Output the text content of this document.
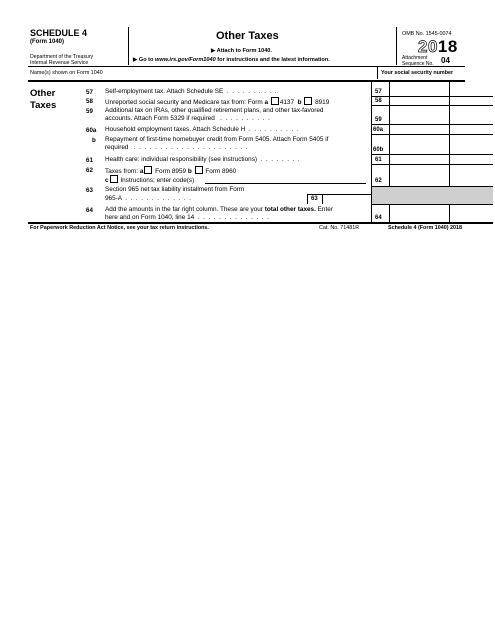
SCHEDULE 4
(Form 1040)
Department of the Treasury
Internal Revenue Service
Other Taxes
▶ Attach to Form 1040.
▶ Go to www.irs.gov/Form1040 for instructions and the latest information.
OMB No. 1545-0074
2018
Attachment
Sequence No. 04
Name(s) shown on Form 1040	Your social security number
Other
Taxes
57 Self-employment tax. Attach Schedule SE  .  .  .  .  .  .  .  .  .  .	57
58 Unreported social security and Medicare tax from: Form a 4137 b 8919	58
59 Additional tax on IRAs, other qualified retirement plans, and other tax-favored
accounts. Attach Form 5329 if required   .  .  .  .  .  .  .  .  .  .	59
60a Household employment taxes. Attach Schedule H  .  .  .  .  .  .  .  .  .  .	60a
b Repayment of first-time homebuyer credit from Form 5405. Attach Form 5405 if
required   .  .  .  .  .  .  .  .  .  .  .  .  .  .  .  .  .  .  .  .  .  .	60b
61 Health care: individual responsibility (see instructions)  .  .  .  .  .  .  .  .	61
62 Taxes from: a Form 8959 b Form 8960
c Instructions; enter code(s)	62
63 Section 965 net tax liability installment from Form
965-A  .  .  .  .  .  .  .  .  .  .  .  .  .	63
64 Add the amounts in the far right column. These are your total other taxes. Enter
here and on Form 1040, line 14  .  .  .  .  .  .  .  .  .  .  .  .  .  .	64
For Paperwork Reduction Act Notice, see your tax return instructions.	Cat. No. 71481R	Schedule 4 (Form 1040) 2018
